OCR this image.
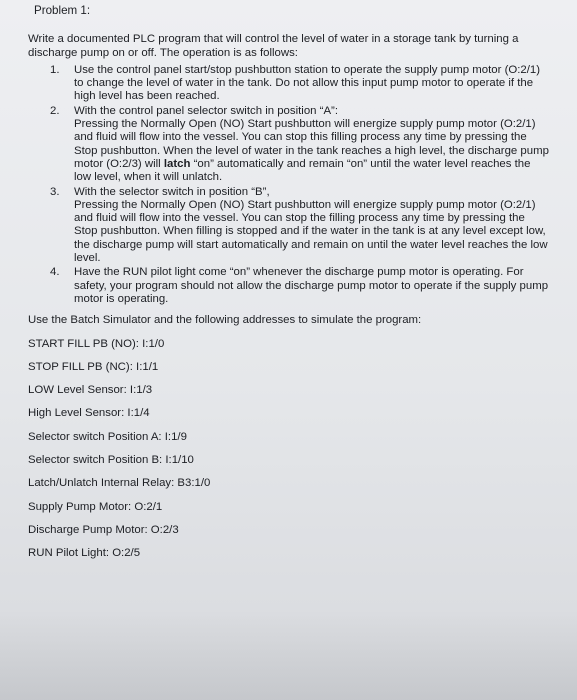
Problem 1:
Write a documented PLC program that will control the level of water in a storage tank by turning a discharge pump on or off. The operation is as follows:
1.	Use the control panel start/stop pushbutton station to operate the supply pump motor (O:2/1) to change the level of water in the tank. Do not allow this input pump motor to operate if the high level has been reached.
2.	With the control panel selector switch in position “A”:
Pressing the Normally Open (NO) Start pushbutton will energize supply pump motor (O:2/1) and fluid will flow into the vessel. You can stop this filling process any time by pressing the Stop pushbutton. When the level of water in the tank reaches a high level, the discharge pump motor (O:2/3) will latch “on” automatically and remain “on” until the water level reaches the low level, when it will unlatch.
3.	With the selector switch in position “B”,
Pressing the Normally Open (NO) Start pushbutton will energize supply pump motor (O:2/1) and fluid will flow into the vessel. You can stop the filling process any time by pressing the Stop pushbutton. When filling is stopped and if the water in the tank is at any level except low, the discharge pump will start automatically and remain on until the water level reaches the low level.
4.	Have the RUN pilot light come “on” whenever the discharge pump motor is operating. For safety, your program should not allow the discharge pump motor to operate if the supply pump motor is operating.
Use the Batch Simulator and the following addresses to simulate the program:
START FILL PB (NO): I:1/0
STOP FILL PB (NC): I:1/1
LOW Level Sensor: I:1/3
High Level Sensor: I:1/4
Selector switch Position A: I:1/9
Selector switch Position B: I:1/10
Latch/Unlatch Internal Relay: B3:1/0
Supply Pump Motor: O:2/1
Discharge Pump Motor: O:2/3
RUN Pilot Light: O:2/5
